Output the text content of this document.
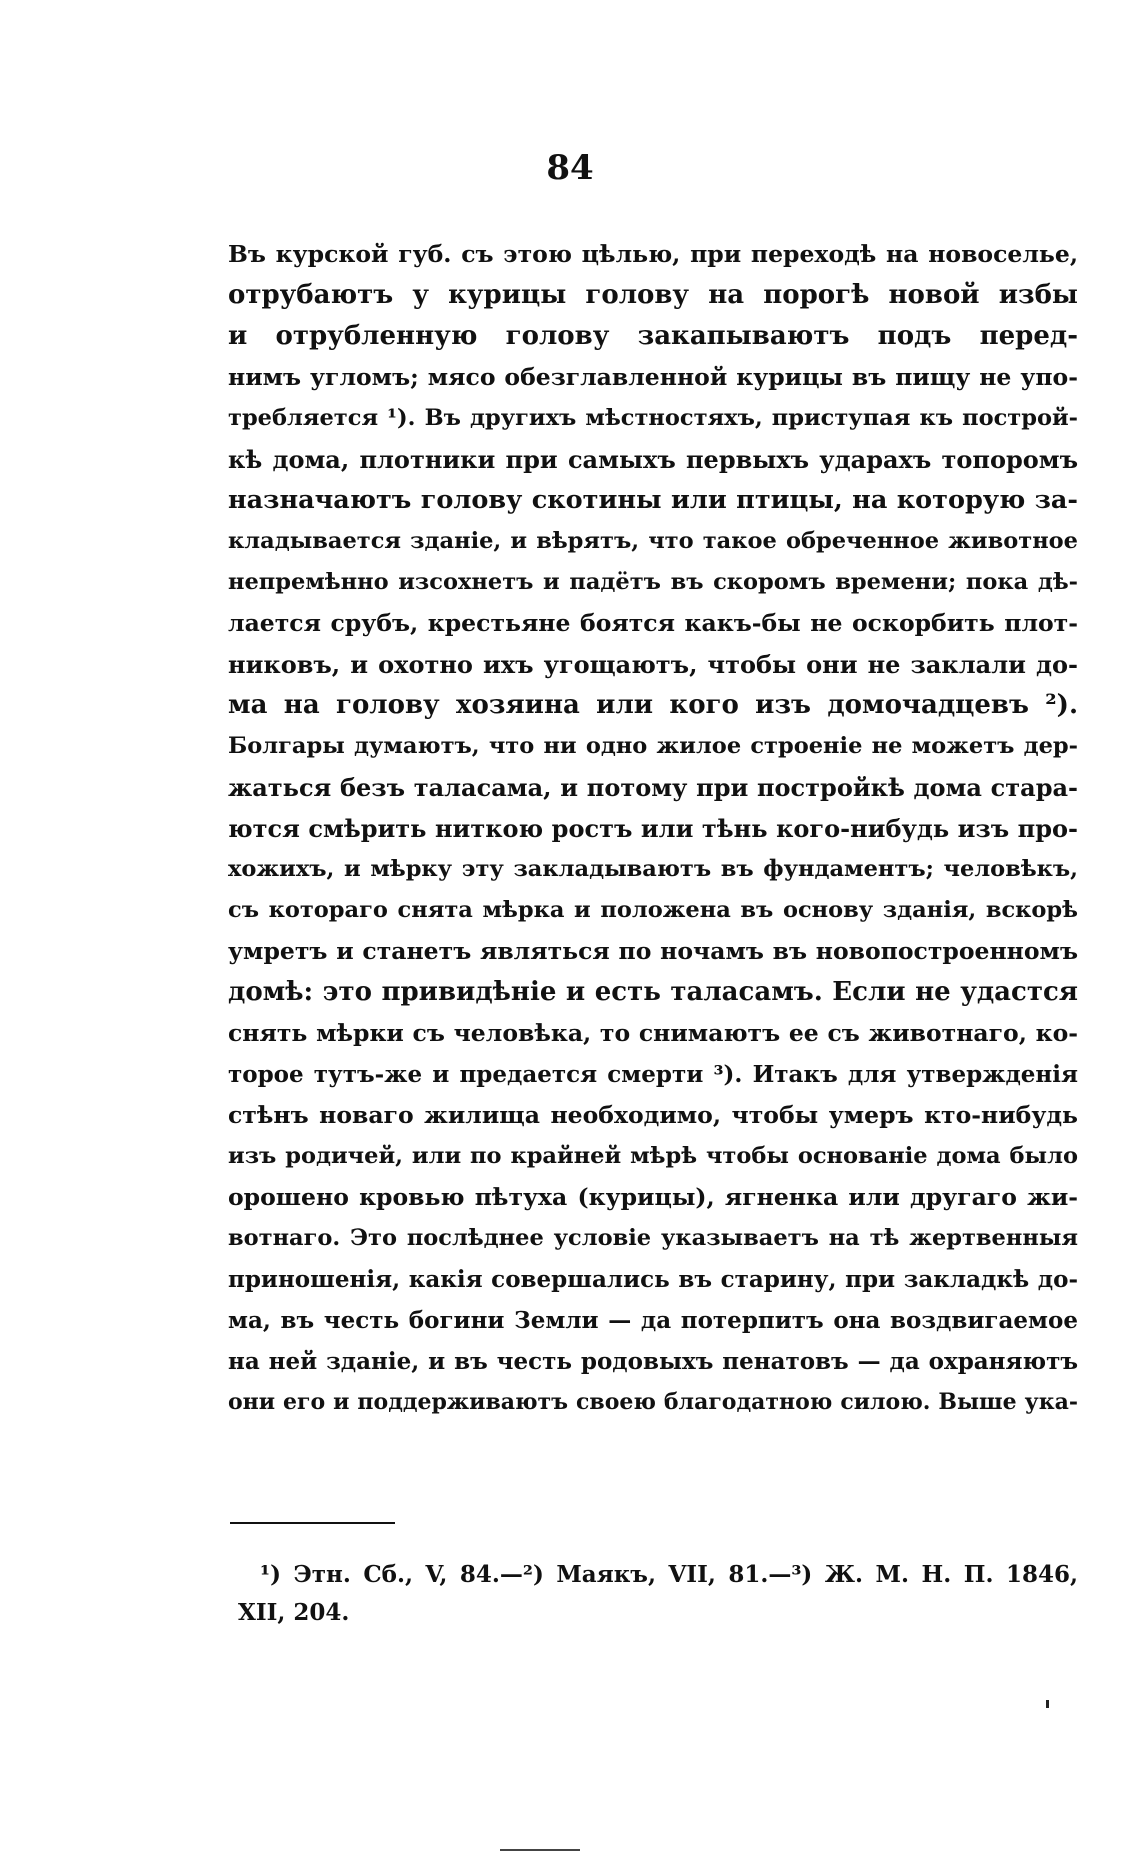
84
Въ курской губ. съ этою цѣлью, при переходѣ на новоселье,
отрубаютъ у курицы голову на порогѣ новой избы
и отрубленную голову закапываютъ подъ перед-
нимъ угломъ; мясо обезглавленной курицы въ пищу не упо-
требляется ¹). Въ другихъ мѣстностяхъ, приступая къ построй-
кѣ дома, плотники при самыхъ первыхъ ударахъ топоромъ
назначаютъ голову скотины или птицы, на которую за-
кладывается зданіе, и вѣрятъ, что такое обреченное животное
непремѣнно изсохнетъ и падётъ въ скоромъ времени; пока дѣ-
лается срубъ, крестьяне боятся какъ-бы не оскорбить плот-
никовъ, и охотно ихъ угощаютъ, чтобы они не заклали до-
ма на голову хозяина или кого изъ домочадцевъ ²).
Болгары думаютъ, что ни одно жилое строеніе не можетъ дер-
жаться безъ таласама, и потому при постройкѣ дома стара-
ются смѣрить ниткою ростъ или тѣнь кого-нибудь изъ про-
хожихъ, и мѣрку эту закладываютъ въ фундаментъ; человѣкъ,
съ котораго снята мѣрка и положена въ основу зданія, вскорѣ
умретъ и станетъ являться по ночамъ въ новопостроенномъ
домѣ: это привидѣніе и есть таласамъ. Если не удастся
снять мѣрки съ человѣка, то снимаютъ ее съ животнаго, ко-
торое тутъ-же и предается смерти ³). Итакъ для утвержденія
стѣнъ новаго жилища необходимо, чтобы умеръ кто-нибудь
изъ родичей, или по крайней мѣрѣ чтобы основаніе дома было
орошено кровью пѣтуха (курицы), ягненка или другаго жи-
вотнаго. Это послѣднее условіе указываетъ на тѣ жертвенныя
приношенія, какія совершались въ старину, при закладкѣ до-
ма, въ честь богини Земли — да потерпитъ она воздвигаемое
на ней зданіе, и въ честь родовыхъ пенатовъ — да охраняютъ
они его и поддерживаютъ своею благодатною силою. Выше ука-
¹) Этн. Сб., V, 84.—²) Маякъ, VII, 81.—³) Ж. М. Н. П. 1846,
XII, 204.
